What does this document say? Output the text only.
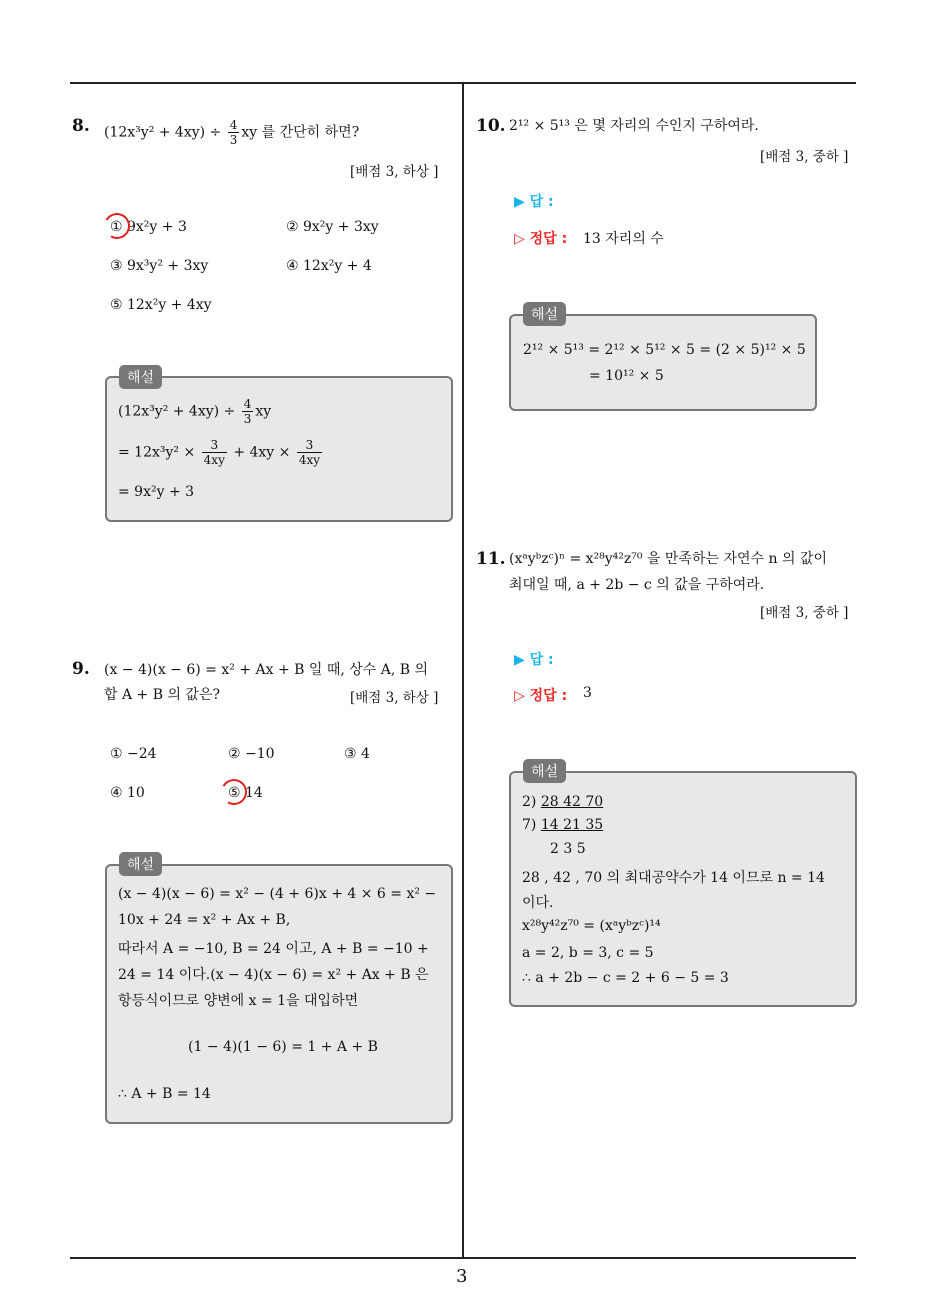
3
8. $(12x^3y^2 + 4xy) \div \frac{4}{3}$ xy 를 간단히 하면?
[배점 3, 하상 ]
① 9x²y + 3	② 9x²y + 3xy
③ 9x³y² + 3xy	④ 12x²y + 4
⑤ 12x²y + 4xy
해설
$(12x^3y^2 + 4xy) \div \frac{4}{3}$ xy
= $12x^3y^2 \times \frac{3}{4xy} + 4xy \times \frac{3}{4xy}$
= 9x²y + 3
9. (x − 4)(x − 6) = x² + Ax + B 일 때, 상수 A, B 의
합 A + B 의 값은?	[배점 3, 하상 ]
① −24	② −10	③ 4
④ 10	⑤ 14
해설
(x − 4)(x − 6) = x² − (4 + 6)x + 4 × 6 = x² −
10x + 24 = x² + Ax + B,
따라서 A = −10, B = 24 이고, A + B = −10 +
24 = 14 이다.(x − 4)(x − 6) = x² + Ax + B 은
항등식이므로 양변에 x = 1을 대입하면
(1 − 4)(1 − 6) = 1 + A + B
∴ A + B = 14
10. 2¹² × 5¹³ 은 몇 자리의 수인지 구하여라.
[배점 3, 중하 ]
▶ 답 :
▷ 정답 : 13 자리의 수
해설
2¹² × 5¹³ = 2¹² × 5¹² × 5 = (2 × 5)¹² × 5
= 10¹² × 5
11. (xᵃyᵇzᶜ)ⁿ = x²⁸y⁴²z⁷⁰ 을 만족하는 자연수 n 의 값이
최대일 때, a + 2b − c 의 값을 구하여라.
[배점 3, 중하 ]
▶ 답 :
▷ 정답 : 3
해설
2) 28 42 70
7) 14 21 35
2 3 5
28 , 42 , 70 의 최대공약수가 14 이므로 n = 14
이다.
x²⁸y⁴²z⁷⁰ = (xᵃyᵇzᶜ)¹⁴
a = 2, b = 3, c = 5
∴ a + 2b − c = 2 + 6 − 5 = 3
